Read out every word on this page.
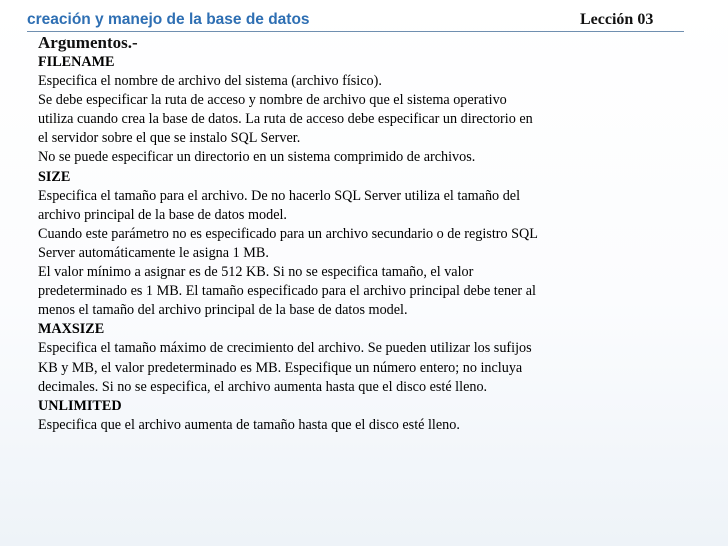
creación y manejo de la base de datos	Lección 03
Argumentos.-
FILENAME
Especifica el nombre de archivo del sistema (archivo físico).
Se debe especificar la ruta de acceso y nombre de archivo que el sistema operativo
utiliza cuando crea la base de datos. La ruta de acceso debe especificar un directorio en
el servidor sobre el que se instalo SQL Server.
No se puede especificar un directorio en un sistema comprimido de archivos.
SIZE
Especifica el tamaño para el archivo. De no hacerlo SQL Server utiliza el tamaño del
archivo principal de la base de datos model.
Cuando este parámetro no es especificado para un archivo secundario o de registro SQL
Server automáticamente le asigna 1 MB.
El valor mínimo a asignar es de 512 KB. Si no se especifica tamaño, el valor
predeterminado es 1 MB. El tamaño especificado para el archivo principal debe tener al
menos el tamaño del archivo principal de la base de datos model.
MAXSIZE
Especifica el tamaño máximo de crecimiento del archivo. Se pueden utilizar los sufijos
KB y MB, el valor predeterminado es MB. Especifique un número entero; no incluya
decimales. Si no se especifica, el archivo aumenta hasta que el disco esté lleno.
UNLIMITED
Especifica que el archivo aumenta de tamaño hasta que el disco esté lleno.
